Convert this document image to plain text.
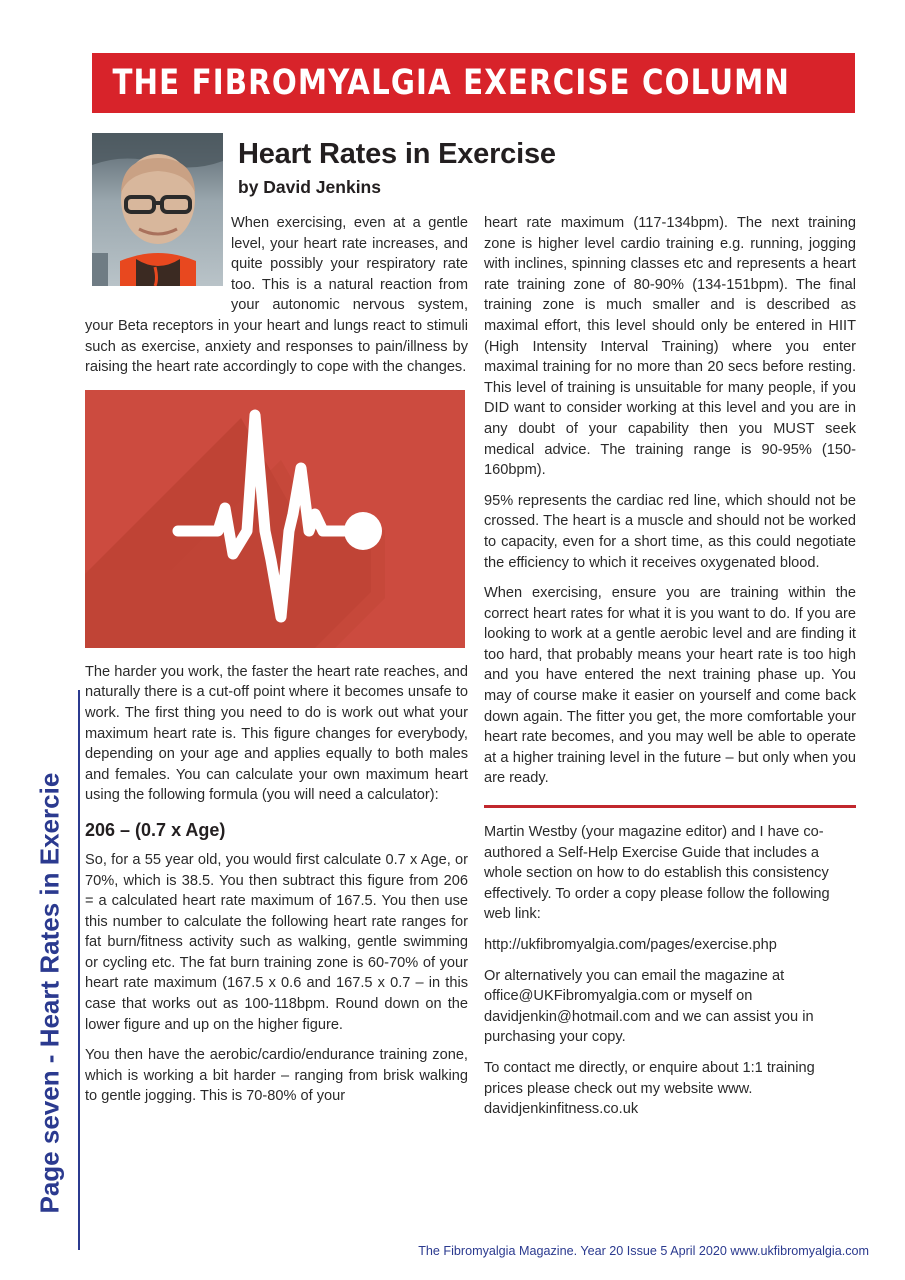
Page seven - Heart Rates in Exercie
THE FIBROMYALGIA EXERCISE COLUMN
Heart Rates in Exercise
by David Jenkins

When exercising, even at a gentle level, your heart rate increases, and quite possibly your respiratory rate too. This is a natural reaction from your autonomic nervous system, your Beta receptors in your heart and lungs react to stimuli such as exercise, anxiety and responses to pain/illness by raising the heart rate accordingly to cope with the changes.

The harder you work, the faster the heart rate reaches, and naturally there is a cut-off point where it becomes unsafe to work. The first thing you need to do is work out what your maximum heart rate is. This figure changes for everybody, depending on your age and applies equally to both males and females. You can calculate your own maximum heart using the following formula (you will need a calculator):

206 – (0.7 x Age)

So, for a 55 year old, you would first calculate 0.7 x Age, or 70%, which is 38.5. You then subtract this figure from 206 = a calculated heart rate maximum of 167.5. You then use this number to calculate the following heart rate ranges for fat burn/fitness activity such as walking, gentle swimming or cycling etc. The fat burn training zone is 60-70% of your heart rate maximum (167.5 x 0.6 and 167.5 x 0.7 – in this case that works out as 100-118bpm. Round down on the lower figure and up on the higher figure.

You then have the aerobic/cardio/endurance training zone, which is working a bit harder – ranging from brisk walking to gentle jogging. This is 70-80% of your

heart rate maximum (117-134bpm). The next training zone is higher level cardio training e.g. running, jogging with inclines, spinning classes etc and represents a heart rate training zone of 80-90% (134-151bpm). The final training zone is much smaller and is described as maximal effort, this level should only be entered in HIIT (High Intensity Interval Training) where you enter maximal training for no more than 20 secs before resting. This level of training is unsuitable for many people, if you DID want to consider working at this level and you are in any doubt of your capability then you MUST seek medical advice. The training range is 90-95% (150-160bpm).

95% represents the cardiac red line, which should not be crossed. The heart is a muscle and should not be worked to capacity, even for a short time, as this could negotiate the efficiency to which it receives oxygenated blood.

When exercising, ensure you are training within the correct heart rates for what it is you want to do. If you are looking to work at a gentle aerobic level and are finding it too hard, that probably means your heart rate is too high and you have entered the next training phase up. You may of course make it easier on yourself and come back down again. The fitter you get, the more comfortable your heart rate becomes, and you may well be able to operate at a higher training level in the future – but only when you are ready.

Martin Westby (your magazine editor) and I have co-authored a Self-Help Exercise Guide that includes a whole section on how to do establish this consistency effectively. To order a copy please follow the following web link:

http://ukfibromyalgia.com/pages/exercise.php

Or alternatively you can email the magazine at office@UKFibromyalgia.com or myself on davidjenkin@hotmail.com and we can assist you in purchasing your copy.

To contact me directly, or enquire about 1:1 training prices please check out my website www. davidjenkinfitness.co.uk

The Fibromyalgia Magazine. Year 20 Issue 5 April 2020 www.ukfibromyalgia.com
